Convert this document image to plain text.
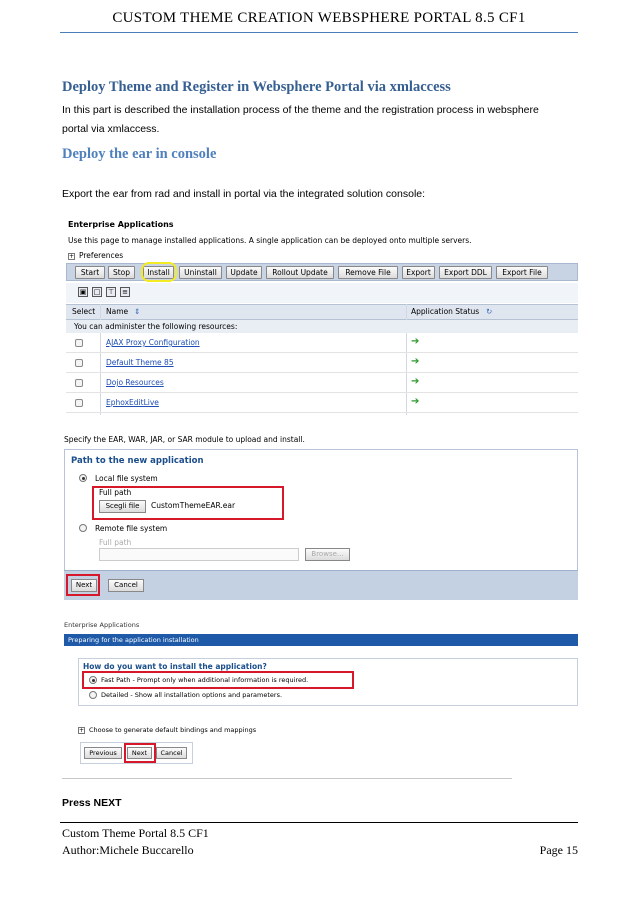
CUSTOM THEME CREATION WEBSPHERE PORTAL 8.5 CF1
Deploy Theme and Register in Websphere Portal via xmlaccess
In this part is described the installation process of the theme and the registration process in websphere portal via xmlaccess.
Deploy the ear in console
Export the ear from rad and install in portal via the integrated solution console:
Enterprise Applications
Use this page to manage installed applications. A single application can be deployed onto multiple servers.
+ Preferences
Start	Stop	Install	Uninstall	Update	Rollout Update	Remove File	Export	Export DDL	Export File
▣ □ ⊤ ≡
Select Name ⇕	Application Status ↻
You can administer the following resources:
AJAX Proxy Configuration	➔
Default Theme 85	➔
Dojo Resources	➔
EphoxEditLive	➔
Specify the EAR, WAR, JAR, or SAR module to upload and install.
Path to the new application
Local file system
Full path
Scegli file	CustomThemeEAR.ear
Remote file system
Full path
Browse...
Next	Cancel
Enterprise Applications
Preparing for the application installation
How do you want to install the application?
Fast Path - Prompt only when additional information is required.
Detailed - Show all installation options and parameters.
+ Choose to generate default bindings and mappings
Previous	Next	Cancel
Press NEXT
Custom Theme Portal 8.5 CF1
Author:Michele Buccarello	Page 15
